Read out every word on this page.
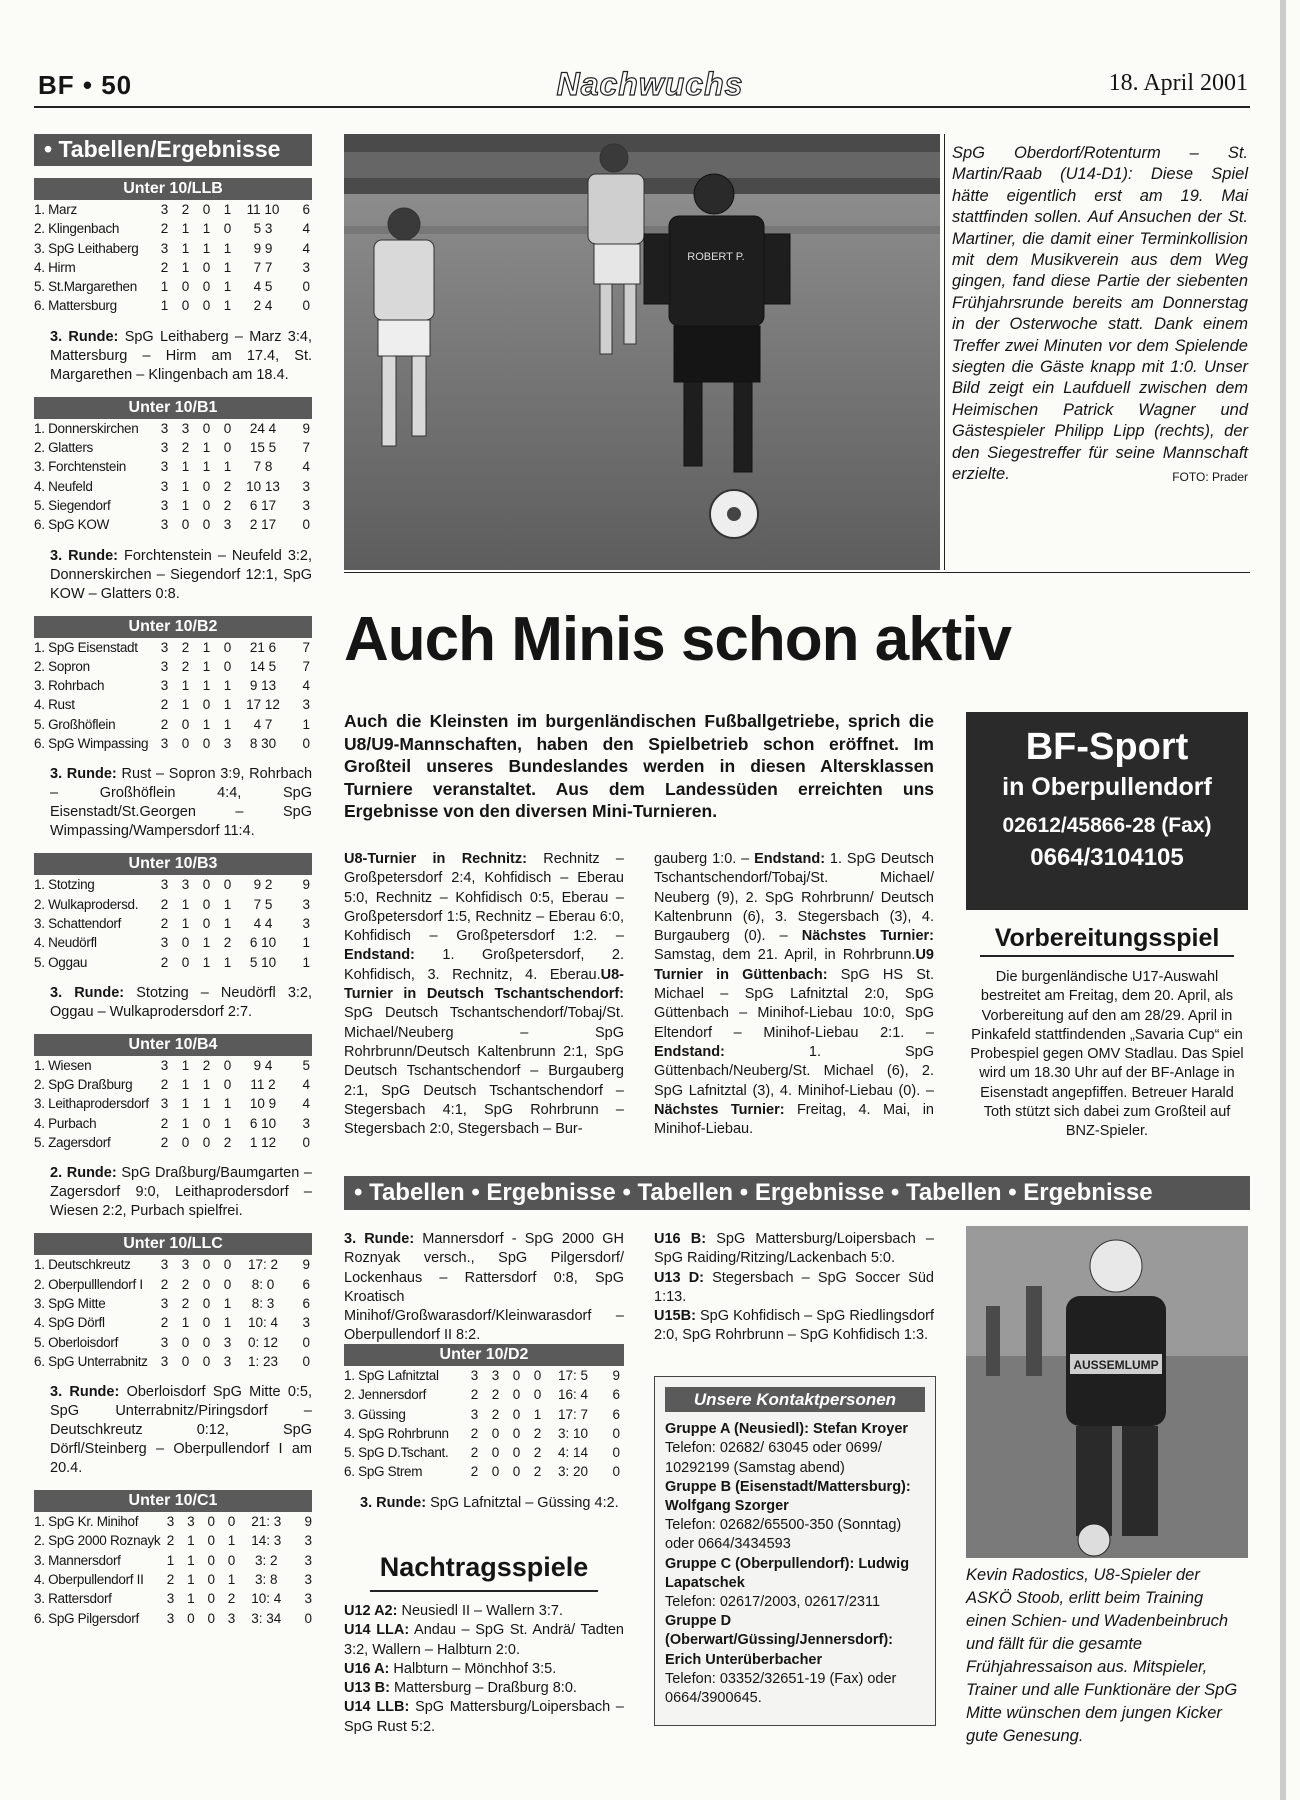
BF • 50	Nachwuchs	18. April 2001
• Tabellen/Ergebnisse
Unter 10/LLB
1. Marz	3	2	0	1	11 10	6
2. Klingenbach	2	1	1	0	5 3	4
3. SpG Leithaberg	3	1	1	1	9 9	4
4. Hirm	2	1	0	1	7 7	3
5. St.Margarethen	1	0	0	1	4 5	0
6. Mattersburg	1	0	0	1	2 4	0
3. Runde: SpG Leithaberg – Marz 3:4, Mattersburg – Hirm am 17.4, St. Margarethen – Klingenbach am 18.4.
Unter 10/B1
1. Donnerskirchen	3	3	0	0	24 4	9
2. Glatters	3	2	1	0	15 5	7
3. Forchtenstein	3	1	1	1	7 8	4
4. Neufeld	3	1	0	2	10 13	3
5. Siegendorf	3	1	0	2	6 17	3
6. SpG KOW	3	0	0	3	2 17	0
3. Runde: Forchtenstein – Neufeld 3:2, Donnerskirchen – Siegendorf 12:1, SpG KOW – Glatters 0:8.
Unter 10/B2
1. SpG Eisenstadt	3	2	1	0	21 6	7
2. Sopron	3	2	1	0	14 5	7
3. Rohrbach	3	1	1	1	9 13	4
4. Rust	2	1	0	1	17 12	3
5. Großhöflein	2	0	1	1	4 7	1
6. SpG Wimpassing	3	0	0	3	8 30	0
3. Runde: Rust – Sopron 3:9, Rohrbach – Großhöflein 4:4, SpG Eisenstadt/St.Georgen – SpG Wimpassing/Wampersdorf 11:4.
Unter 10/B3
1. Stotzing	3	3	0	0	9 2	9
2. Wulkaprodersd.	2	1	0	1	7 5	3
3. Schattendorf	2	1	0	1	4 4	3
4. Neudörfl	3	0	1	2	6 10	1
5. Oggau	2	0	1	1	5 10	1
3. Runde: Stotzing – Neudörfl 3:2, Oggau – Wulkaprodersdorf 2:7.
Unter 10/B4
1. Wiesen	3	1	2	0	9 4	5
2. SpG Draßburg	2	1	1	0	11 2	4
3. Leithaprodersdorf	3	1	1	1	10 9	4
4. Purbach	2	1	0	1	6 10	3
5. Zagersdorf	2	0	0	2	1 12	0
2. Runde: SpG Draßburg/Baumgarten – Zagersdorf 9:0, Leithaprodersdorf – Wiesen 2:2, Purbach spielfrei.
Unter 10/LLC
1. Deutschkreutz	3	3	0	0	17: 2	9
2. Oberpulllendorf I	2	2	0	0	8: 0	6
3. SpG Mitte	3	2	0	1	8: 3	6
4. SpG Dörfl	2	1	0	1	10: 4	3
5. Oberloisdorf	3	0	0	3	0: 12	0
6. SpG Unterrabnitz	3	0	0	3	1: 23	0
3. Runde: Oberloisdorf SpG Mitte 0:5, SpG Unterrabnitz/Piringsdorf – Deutschkreutz 0:12, SpG Dörfl/Steinberg – Oberpullendorf I am 20.4.
Unter 10/C1
1. SpG Kr. Minihof	3	3	0	0	21: 3	9
2. SpG 2000 Roznayk	2	1	0	1	14: 3	3
3. Mannersdorf	1	1	0	0	3: 2	3
4. Oberpullendorf II	2	1	0	1	3: 8	3
3. Rattersdorf	3	1	0	2	10: 4	3
6. SpG Pilgersdorf	3	0	0	3	3: 34	0
ROBERT P.
SpG Oberdorf/Rotenturm – St. Martin/Raab (U14-D1): Diese Spiel hätte eigentlich erst am 19. Mai stattfinden sollen. Auf Ansuchen der St. Martiner, die damit einer Terminkollision mit dem Musikverein aus dem Weg gingen, fand diese Partie der siebenten Frühjahrsrunde bereits am Donnerstag in der Osterwoche statt. Dank einem Treffer zwei Minuten vor dem Spielende siegten die Gäste knapp mit 1:0. Unser Bild zeigt ein Laufduell zwischen dem Heimischen Patrick Wagner und Gästespieler Philipp Lipp (rechts), der den Siegestreffer für seine Mannschaft erzielte.	FOTO: Prader
Auch Minis schon aktiv
Auch die Kleinsten im burgenländischen Fußballgetriebe, sprich die U8/U9-Mannschaften, haben den Spielbetrieb schon eröffnet. Im Großteil unseres Bundeslandes werden in diesen Altersklassen Turniere veranstaltet. Aus dem Landessüden erreichten uns Ergebnisse von den diversen Mini-Turnieren.
U8-Turnier in Rechnitz: Rechnitz – Großpetersdorf 2:4, Kohfidisch – Eberau 5:0, Rechnitz – Kohfidisch 0:5, Eberau – Großpetersdorf 1:5, Rechnitz – Eberau 6:0, Kohfidisch – Großpetersdorf 1:2. – Endstand: 1. Großpetersdorf, 2. Kohfidisch, 3. Rechnitz, 4. Eberau.U8-Turnier in Deutsch Tschantschendorf: SpG Deutsch Tschantschendorf/Tobaj/St. Michael/Neuberg – SpG Rohrbrunn/Deutsch Kaltenbrunn 2:1, SpG Deutsch Tschantschendorf – Burgauberg 2:1, SpG Deutsch Tschantschendorf – Stegersbach 4:1, SpG Rohrbrunn – Stegersbach 2:0, Stegersbach – Bur-
gauberg 1:0. – Endstand: 1. SpG Deutsch Tschantschendorf/Tobaj/St. Michael/ Neuberg (9), 2. SpG Rohrbrunn/ Deutsch Kaltenbrunn (6), 3. Stegersbach (3), 4. Burgauberg (0). – Nächstes Turnier: Samstag, dem 21. April, in Rohrbrunn.U9 Turnier in Güttenbach: SpG HS St. Michael – SpG Lafnitztal 2:0, SpG Güttenbach – Minihof-Liebau 10:0, SpG Eltendorf – Minihof-Liebau 2:1. – Endstand: 1. SpG Güttenbach/Neuberg/St. Michael (6), 2. SpG Lafnitztal (3), 4. Minihof-Liebau (0). – Nächstes Turnier: Freitag, 4. Mai, in Minihof-Liebau.
BF-Sport
in Oberpullendorf
02612/45866-28 (Fax)
0664/3104105
Vorbereitungsspiel
Die burgenländische U17-Auswahl bestreitet am Freitag, dem 20. April, als Vorbereitung auf den am 28/29. April in Pinkafeld stattfindenden „Savaria Cup“ ein Probespiel gegen OMV Stadlau. Das Spiel wird um 18.30 Uhr auf der BF-Anlage in Eisenstadt angepfiffen. Betreuer Harald Toth stützt sich dabei zum Großteil auf BNZ-Spieler.
• Tabellen • Ergebnisse • Tabellen • Ergebnisse • Tabellen • Ergebnisse
3. Runde: Mannersdorf - SpG 2000 GH Roznyak versch., SpG Pilgersdorf/ Lockenhaus – Rattersdorf 0:8, SpG Kroatisch Minihof/Großwarasdorf/Kleinwarasdorf – Oberpullendorf II 8:2.
Unter 10/D2
1. SpG Lafnitztal	3	3	0	0	17: 5	9
2. Jennersdorf	2	2	0	0	16: 4	6
3. Güssing	3	2	0	1	17: 7	6
4. SpG Rohrbrunn	2	0	0	2	3: 10	0
5. SpG D.Tschant.	2	0	0	2	4: 14	0
6. SpG Strem	2	0	0	2	3: 20	0
3. Runde: SpG Lafnitztal – Güssing 4:2.
Nachtragsspiele
U12 A2: Neusiedl II – Wallern 3:7.
U14 LLA: Andau – SpG St. Andrä/ Tadten 3:2, Wallern – Halbturn 2:0.
U16 A: Halbturn – Mönchhof 3:5.
U13 B: Mattersburg – Draßburg 8:0.
U14 LLB: SpG Mattersburg/Loipersbach – SpG Rust 5:2.
U16 B: SpG Mattersburg/Loipersbach – SpG Raiding/Ritzing/Lackenbach 5:0.
U13 D: Stegersbach – SpG Soccer Süd 1:13.
U15B: SpG Kohfidisch – SpG Riedlingsdorf 2:0, SpG Rohrbrunn – SpG Kohfidisch 1:3.
Unsere Kontaktpersonen
Gruppe A (Neusiedl): Stefan Kroyer
Telefon: 02682/ 63045 oder 0699/ 10292199 (Samstag abend)
Gruppe B (Eisenstadt/Mattersburg): Wolfgang Szorger
Telefon: 02682/65500-350 (Sonntag) oder 0664/3434593
Gruppe C (Oberpullendorf): Ludwig Lapatschek
Telefon: 02617/2003, 02617/2311
Gruppe D (Oberwart/Güssing/Jennersdorf): Erich Unterüberbacher
Telefon: 03352/32651-19 (Fax) oder 0664/3900645.
AUSSEMLUMP
Kevin Radostics, U8-Spieler der ASKÖ Stoob, erlitt beim Training einen Schien- und Wadenbeinbruch und fällt für die gesamte Frühjahressaison aus. Mitspieler, Trainer und alle Funktionäre der SpG Mitte wünschen dem jungen Kicker gute Genesung.
